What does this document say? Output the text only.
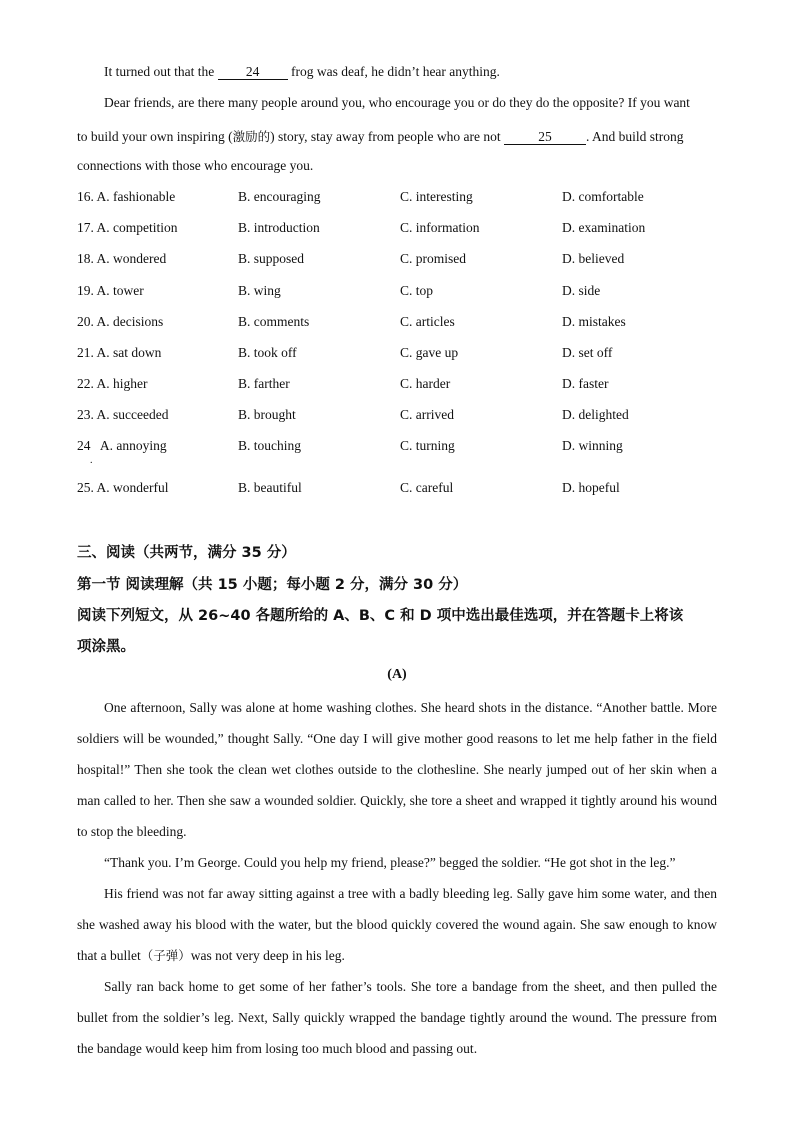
It turned out that the 24 frog was deaf, he didn’t hear anything.
Dear friends, are there many people around you, who encourage you or do they do the opposite? If you want
to build your own inspiring (激励的) story, stay away from people who are not	25	. And build strong
connections with those who encourage you.
16. A. fashionable	B. encouraging	C. interesting	D. comfortable
17. A. competition	B. introduction	C. information	D. examination
18. A. wondered	B. supposed	C. promised	D. believed
19. A. tower	B. wing	C. top	D. side
20. A. decisions	B. comments	C. articles	D. mistakes
21. A. sat down	B. took off	C. gave up	D. set off
22. A. higher	B. farther	C. harder	D. faster
23. A. succeeded	B. brought	C. arrived	D. delighted
24   A. annoying	B. touching	C. turning	D. winning
.
25. A. wonderful	B. beautiful	C. careful	D. hopeful
三、阅读（共两节，满分 35 分）
第一节 阅读理解（共 15 小题；每小题 2 分，满分 30 分）
阅读下列短文，从 26~40 各题所给的 A、B、C 和 D 项中选出最佳选项，并在答题卡上将该
项涂黑。
(A)

One afternoon, Sally was alone at home washing clothes. She heard shots in the distance. “Another battle. More soldiers will be wounded,” thought Sally. “One day I will give mother good reasons to let me help father in the field hospital!” Then she took the clean wet clothes outside to the clothesline. She nearly jumped out of her skin when a man called to her. Then she saw a wounded soldier. Quickly, she tore a sheet and wrapped it tightly around his wound to stop the bleeding.

“Thank you. I’m George. Could you help my friend, please?” begged the soldier. “He got shot in the leg.”

His friend was not far away sitting against a tree with a badly bleeding leg. Sally gave him some water, and then she washed away his blood with the water, but the blood quickly covered the wound again. She saw enough to know that a bullet（子弹）was not very deep in his leg.

Sally ran back home to get some of her father’s tools. She tore a bandage from the sheet, and then pulled the bullet from the soldier’s leg. Next, Sally quickly wrapped the bandage tightly around the wound. The pressure from the bandage would keep him from losing too much blood and passing out.
